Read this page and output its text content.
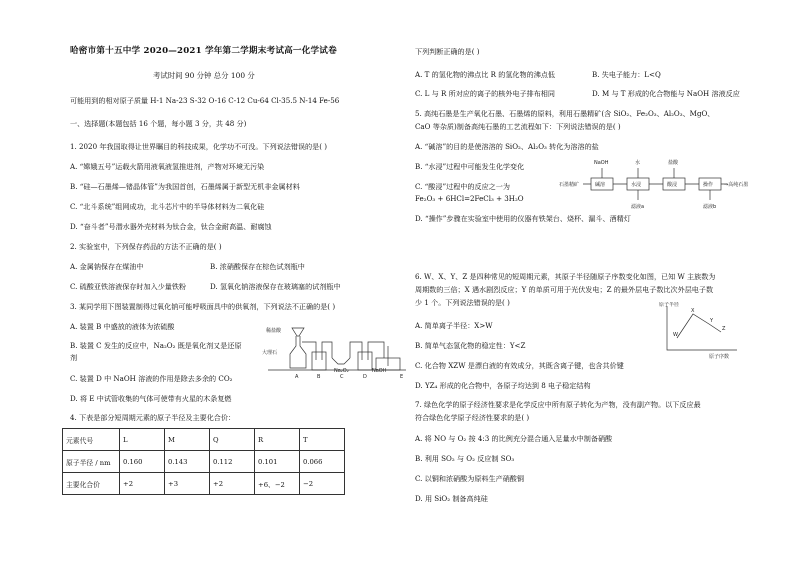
哈密市第十五中学 2020—2021 学年第二学期末考试高一化学试卷
考试时间 90 分钟 总分 100 分
可能用到的相对原子质量 H-1 Na-23 S-32 O-16 C-12 Cu-64 Cl-35.5 N-14 Fe-56
一、选择题(本题包括 16 个题，每小题 3 分，共 48 分)
1. 2020 年我国取得让世界瞩目的科技成果，化学功不可没。下列说法错误的是( )
A. “嫦娥五号”运载火箭用液氧液氢推进剂，产物对环境无污染
B. “硅—石墨烯—锗晶体管”为我国首创，石墨烯属于新型无机非金属材料
C. “北斗系统”组网成功，北斗芯片中的半导体材料为二氧化硅
D. “奋斗者”号潜水器外壳材料为钛合金，钛合金耐高温、耐腐蚀
2. 实验室中，下列保存药品的方法不正确的是( )
A. 金属钠保存在煤油中	B. 浓硝酸保存在棕色试剂瓶中
C. 硫酸亚铁溶液保存时加入少量铁粉	D. 氢氧化钠溶液保存在玻璃塞的试剂瓶中
3. 某同学用下图装置制得过氧化钠可能呼吸面具中的供氧剂，下列说法不正确的是( )
A. 装置 B 中盛放的液体为浓硫酸
B. 装置 C 发生的反应中，Na₂O₂ 既是氧化剂又是还原
剂
C. 装置 D 中 NaOH 溶液的作用是除去多余的 CO₂
D. 将 E 中试管收集的气体可使带有火星的木条复燃
4. 下表是部分短周期元素的原子半径及主要化合价：
元素代号	L	M	Q	R	T
原子半径 / nm	0.160	0.143	0.112	0.101	0.066
主要化合价	+2	+3	+2	+6、−2	−2
稀盐酸
大理石
Na₂O₂	NaOH
A	B	C	D	E
下列判断正确的是( )
A. T 的氢化物的沸点比 R 的氢化物的沸点低	B. 失电子能力：L<Q
C. L 与 R 所对应的离子的核外电子排布相同	D. M 与 T 形成的化合物能与 NaOH 溶液反应
5. 高纯石墨是生产氧化石墨、石墨烯的原料，利用石墨精矿(含 SiO₂、Fe₂O₃、Al₂O₃、MgO、
CaO 等杂质)制备高纯石墨的工艺流程如下：下列说法错误的是( )
A. “碱溶”的目的是使溶溶的 SiO₂、Al₂O₃ 转化为溶溶的盐
B. “水浸”过程中可能发生化学变化
C. “酸浸”过程中的反应之一为
Fe₂O₃ + 6HCl=2FeCl₃ + 3H₂O
D. “操作”步骤在实验室中使用的仪器有铁架台、烧杯、漏斗、酒精灯
石墨精矿
NaOH	水	盐酸
碱溶	水浸	酸浸	操作 →高纯石墨
滤液a	滤液b
6. W、X、Y、Z 是四种常见的短周期元素，其原子半径随原子序数变化如图，已知 W 主族数为
周期数的三倍；X 遇水剧烈反应；Y 的单质可用于光伏发电；Z 的最外层电子数比次外层电子数
少 1 个。下列说法错误的是( )
A. 简单离子半径：X>W
B. 简单气态氢化物的稳定性：Y<Z
C. 化合物 XZW 是漂白液的有效成分，其既含离子键，也含共价键
D. YZ₄ 形成的化合物中，各原子均达到 8 电子稳定结构
原子半径
原子序数
W
X
Y
Z
7. 绿色化学的原子经济性要求是化学反应中所有原子转化为产物，没有副产物。以下反应最
符合绿色化学原子经济性要求的是( )
A. 将 NO 与 O₂ 按 4:3 的比例充分混合通入足量水中制备硝酸
B. 利用 SO₂ 与 O₂ 反应制 SO₃
C. 以铜和浓硝酸为原料生产硝酸铜
D. 用 SiO₂ 制备高纯硅
